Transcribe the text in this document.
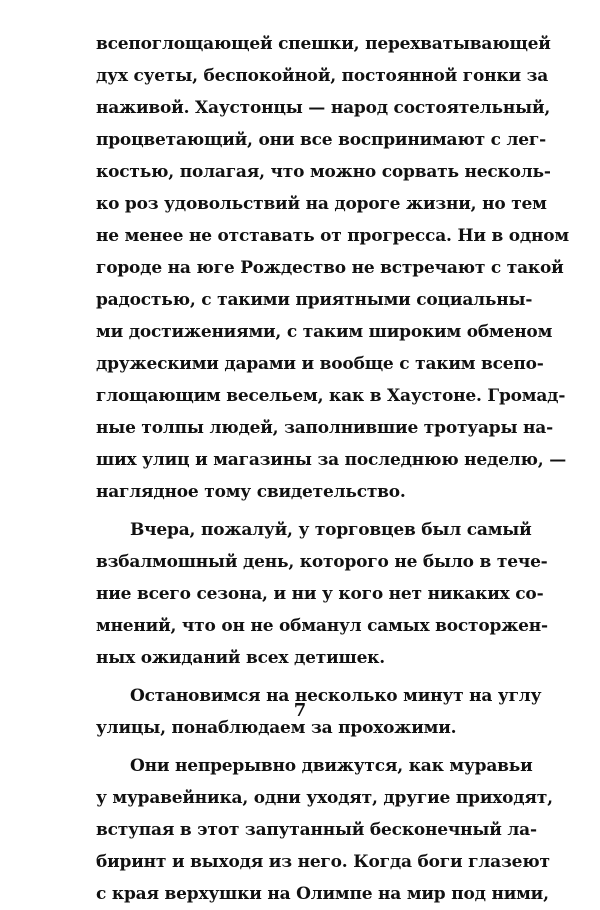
всепоглощающей спешки, перехватывающей
дух суеты, беспокойной, постоянной гонки за
наживой. Хаустонцы — народ состоятельный,
процветающий, они все воспринимают с лег-
костью, полагая, что можно сорвать несколь-
ко роз удовольствий на дороге жизни, но тем
не менее не отставать от прогресса. Ни в одном
городе на юге Рождество не встречают с такой
радостью, с такими приятными социальны-
ми достижениями, с таким широким обменом
дружескими дарами и вообще с таким всепо-
глощающим весельем, как в Хаустоне. Громад-
ные толпы людей, заполнившие тротуары на-
ших улиц и магазины за последнюю неделю, —
наглядное тому свидетельство.
Вчера, пожалуй, у торговцев был самый
взбалмошный день, которого не было в тече-
ние всего сезона, и ни у кого нет никаких со-
мнений, что он не обманул самых восторжен-
ных ожиданий всех детишек.
Остановимся на несколько минут на углу
улицы, понаблюдаем за прохожими.
Они непрерывно движутся, как муравьи
у муравейника, одни уходят, другие приходят,
вступая в этот запутанный бесконечный ла-
биринт и выходя из него. Когда боги глазеют
с края верхушки на Олимпе на мир под ними,
7
